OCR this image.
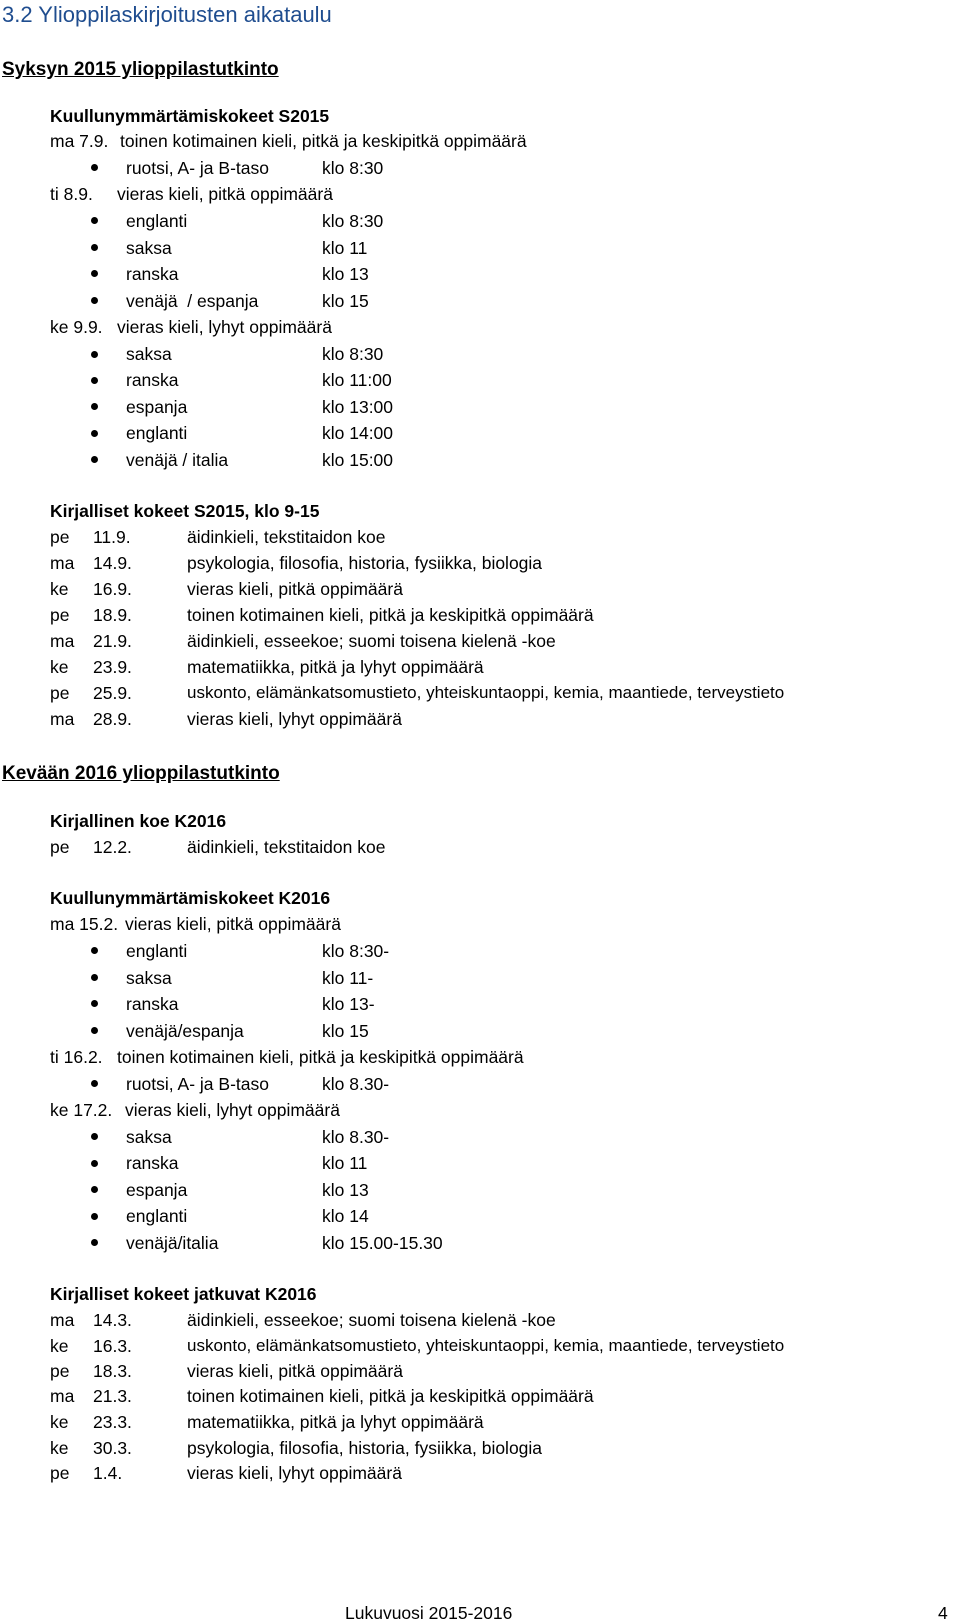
3.2 Ylioppilaskirjoitusten aikataulu
Syksyn 2015 ylioppilastutkinto
Kuullunymmärtämiskokeet S2015
ma 7.9. toinen kotimainen kieli, pitkä ja keskipitkä oppimäärä
ruotsi, A- ja B-taso	klo 8:30
ti 8.9. vieras kieli, pitkä oppimäärä
englanti	klo 8:30
saksa	klo 11
ranska	klo 13
venäjä  / espanja	klo 15
ke 9.9. vieras kieli, lyhyt oppimäärä
saksa	klo 8:30
ranska	klo 11:00
espanja	klo 13:00
englanti	klo 14:00
venäjä / italia	klo 15:00
Kirjalliset kokeet S2015, klo 9-15
pe 11.9.	äidinkieli, tekstitaidon koe
ma 14.9.	psykologia, filosofia, historia, fysiikka, biologia
ke 16.9.	vieras kieli, pitkä oppimäärä
pe 18.9.	toinen kotimainen kieli, pitkä ja keskipitkä oppimäärä
ma 21.9.	äidinkieli, esseekoe; suomi toisena kielenä -koe
ke 23.9.	matematiikka, pitkä ja lyhyt oppimäärä
pe 25.9.	uskonto, elämänkatsomustieto, yhteiskuntaoppi, kemia, maantiede, terveystieto
ma 28.9.	vieras kieli, lyhyt oppimäärä
Kevään 2016 ylioppilastutkinto
Kirjallinen koe K2016
pe 12.2.	äidinkieli, tekstitaidon koe
Kuullunymmärtämiskokeet K2016
ma 15.2. vieras kieli, pitkä oppimäärä
englanti	klo 8:30-
saksa	klo 11-
ranska	klo 13-
venäjä/espanja	klo 15
ti 16.2. toinen kotimainen kieli, pitkä ja keskipitkä oppimäärä
ruotsi, A- ja B-taso	klo 8.30-
ke 17.2. vieras kieli, lyhyt oppimäärä
saksa	klo 8.30-
ranska	klo 11
espanja	klo 13
englanti	klo 14
venäjä/italia	klo 15.00-15.30
Kirjalliset kokeet jatkuvat K2016
ma 14.3.	äidinkieli, esseekoe; suomi toisena kielenä -koe
ke 16.3.	uskonto, elämänkatsomustieto, yhteiskuntaoppi, kemia, maantiede, terveystieto
pe 18.3.	vieras kieli, pitkä oppimäärä
ma 21.3.	toinen kotimainen kieli, pitkä ja keskipitkä oppimäärä
ke 23.3.	matematiikka, pitkä ja lyhyt oppimäärä
ke 30.3.	psykologia, filosofia, historia, fysiikka, biologia
pe 1.4.	vieras kieli, lyhyt oppimäärä
Lukuvuosi 2015-2016	4
